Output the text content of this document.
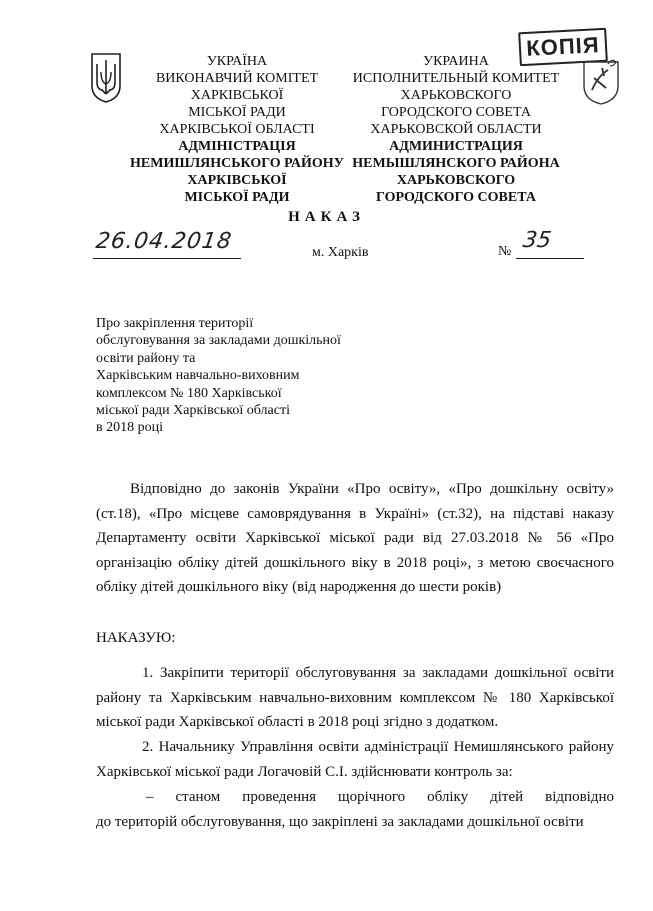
УКРАЇНА
ВИКОНАВЧИЙ КОМІТЕТ
ХАРКІВСЬКОЇ
МІСЬКОЇ РАДИ
ХАРКІВСЬКОЇ ОБЛАСТІ
АДМІНІСТРАЦІЯ
НЕМИШЛЯНСЬКОГО РАЙОНУ
ХАРКІВСЬКОЇ
МІСЬКОЇ РАДИ
УКРАИНА
ИСПОЛНИТЕЛЬНЫЙ КОМИТЕТ
ХАРЬКОВСКОГО
ГОРОДСКОГО СОВЕТА
ХАРЬКОВСКОЙ ОБЛАСТИ
АДМИНИСТРАЦИЯ
НЕМЫШЛЯНСКОГО РАЙОНА
ХАРЬКОВСКОГО
ГОРОДСКОГО СОВЕТА
КОПІЯ
НАКАЗ
26.04.2018	м. Харків	№ 35
Про закріплення території
обслуговування за закладами дошкільної
освіти району та
Харківським навчально-виховним
комплексом № 180 Харківської
міської ради Харківської області
в 2018 році
Відповідно до законів України «Про освіту», «Про дошкільну освіту» (ст.18), «Про місцеве самоврядування в Україні» (ст.32), на підставі наказу Департаменту освіти Харківської міської ради від 27.03.2018 № 56 «Про організацію обліку дітей дошкільного віку в 2018 році», з метою своєчасного обліку дітей дошкільного віку (від народження до шести років)
НАКАЗУЮ:
1. Закріпити території обслуговування за закладами дошкільної освіти району та Харківським навчально-виховним комплексом № 180 Харківської міської ради Харківської області в 2018 році згідно з додатком.
2. Начальнику Управління освіти адміністрації Немишлянського району Харківської міської ради Логачовій С.І. здійснювати контроль за:
– станом проведення щорічного обліку дітей відповідно
до територій обслуговування, що закріплені за закладами дошкільної освіти
